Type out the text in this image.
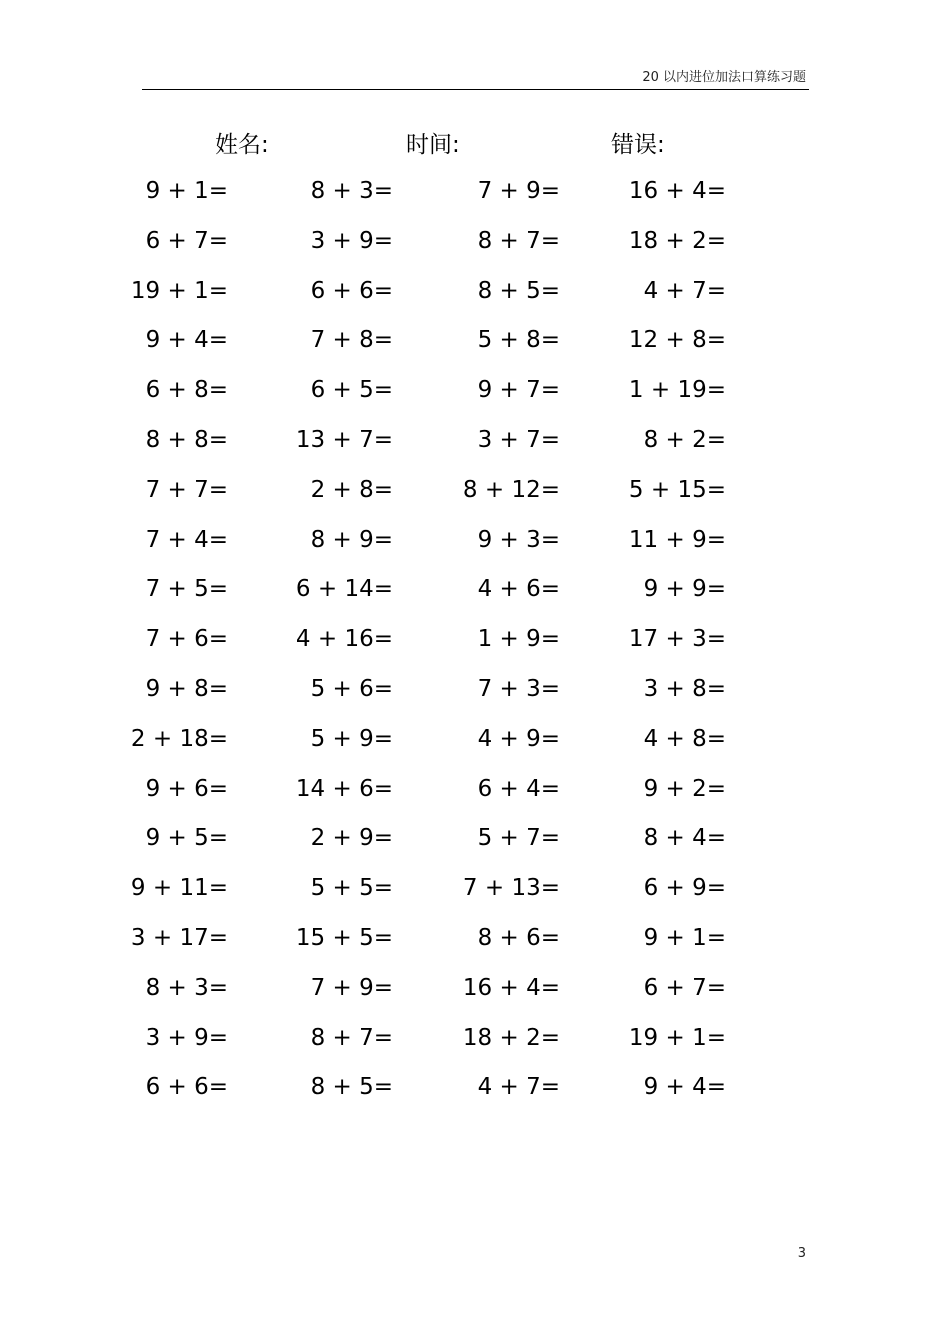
20 以内进位加法口算练习题
姓名:	时间:	错误:
9 + 1=	8 + 3=	7 + 9=	16 + 4=
6 + 7=	3 + 9=	8 + 7=	18 + 2=
19 + 1=	6 + 6=	8 + 5=	4 + 7=
9 + 4=	7 + 8=	5 + 8=	12 + 8=
6 + 8=	6 + 5=	9 + 7=	1 + 19=
8 + 8=	13 + 7=	3 + 7=	8 + 2=
7 + 7=	2 + 8=	8 + 12=	5 + 15=
7 + 4=	8 + 9=	9 + 3=	11 + 9=
7 + 5=	6 + 14=	4 + 6=	9 + 9=
7 + 6=	4 + 16=	1 + 9=	17 + 3=
9 + 8=	5 + 6=	7 + 3=	3 + 8=
2 + 18=	5 + 9=	4 + 9=	4 + 8=
9 + 6=	14 + 6=	6 + 4=	9 + 2=
9 + 5=	2 + 9=	5 + 7=	8 + 4=
9 + 11=	5 + 5=	7 + 13=	6 + 9=
3 + 17=	15 + 5=	8 + 6=	9 + 1=
8 + 3=	7 + 9=	16 + 4=	6 + 7=
3 + 9=	8 + 7=	18 + 2=	19 + 1=
6 + 6=	8 + 5=	4 + 7=	9 + 4=
3
